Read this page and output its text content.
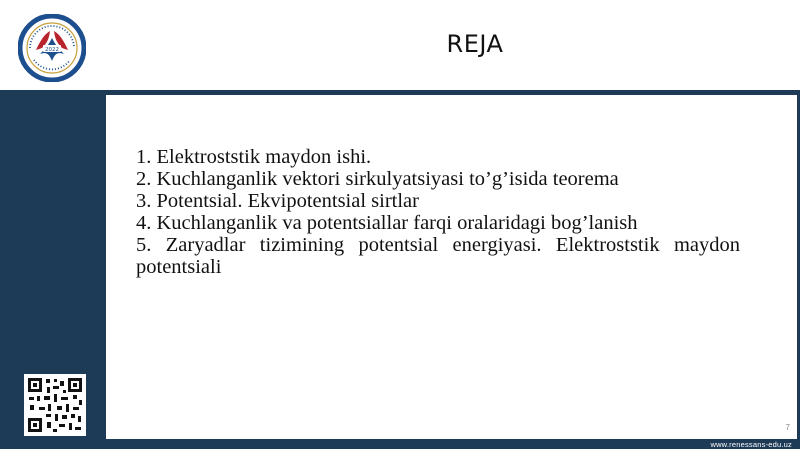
2022	REJA

1. Elektroststik maydon ishi.

2. Kuchlanganlik vektori sirkulyatsiyasi to’g’isida teorema

3. Potentsial. Ekvipotentsial sirtlar

4. Kuchlanganlik va potentsiallar farqi oralaridagi bog’lanish

5. Zaryadlar tizimining potentsial energiyasi. Elektroststik maydon potentsiali

7
www.renessans-edu.uz
